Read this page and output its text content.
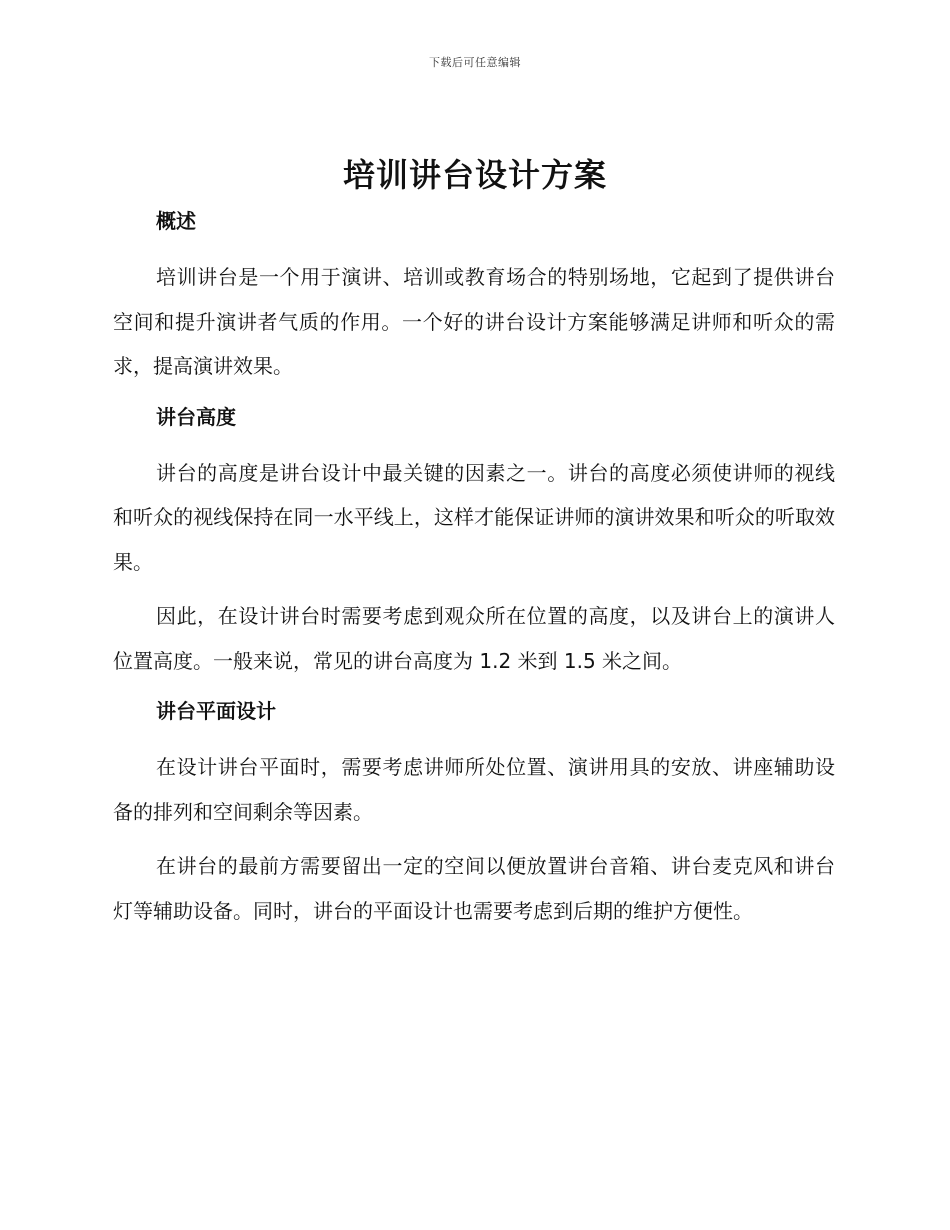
下载后可任意编辑
培训讲台设计方案
概述

培训讲台是一个用于演讲、培训或教育场合的特别场地，它起到了提供讲台空间和提升演讲者气质的作用。一个好的讲台设计方案能够满足讲师和听众的需求，提高演讲效果。

讲台高度

讲台的高度是讲台设计中最关键的因素之一。讲台的高度必须使讲师的视线和听众的视线保持在同一水平线上，这样才能保证讲师的演讲效果和听众的听取效果。

因此，在设计讲台时需要考虑到观众所在位置的高度，以及讲台上的演讲人位置高度。一般来说，常见的讲台高度为 1.2 米到 1.5 米之间。

讲台平面设计

在设计讲台平面时，需要考虑讲师所处位置、演讲用具的安放、讲座辅助设备的排列和空间剩余等因素。

在讲台的最前方需要留出一定的空间以便放置讲台音箱、讲台麦克风和讲台灯等辅助设备。同时，讲台的平面设计也需要考虑到后期的维护方便性。
